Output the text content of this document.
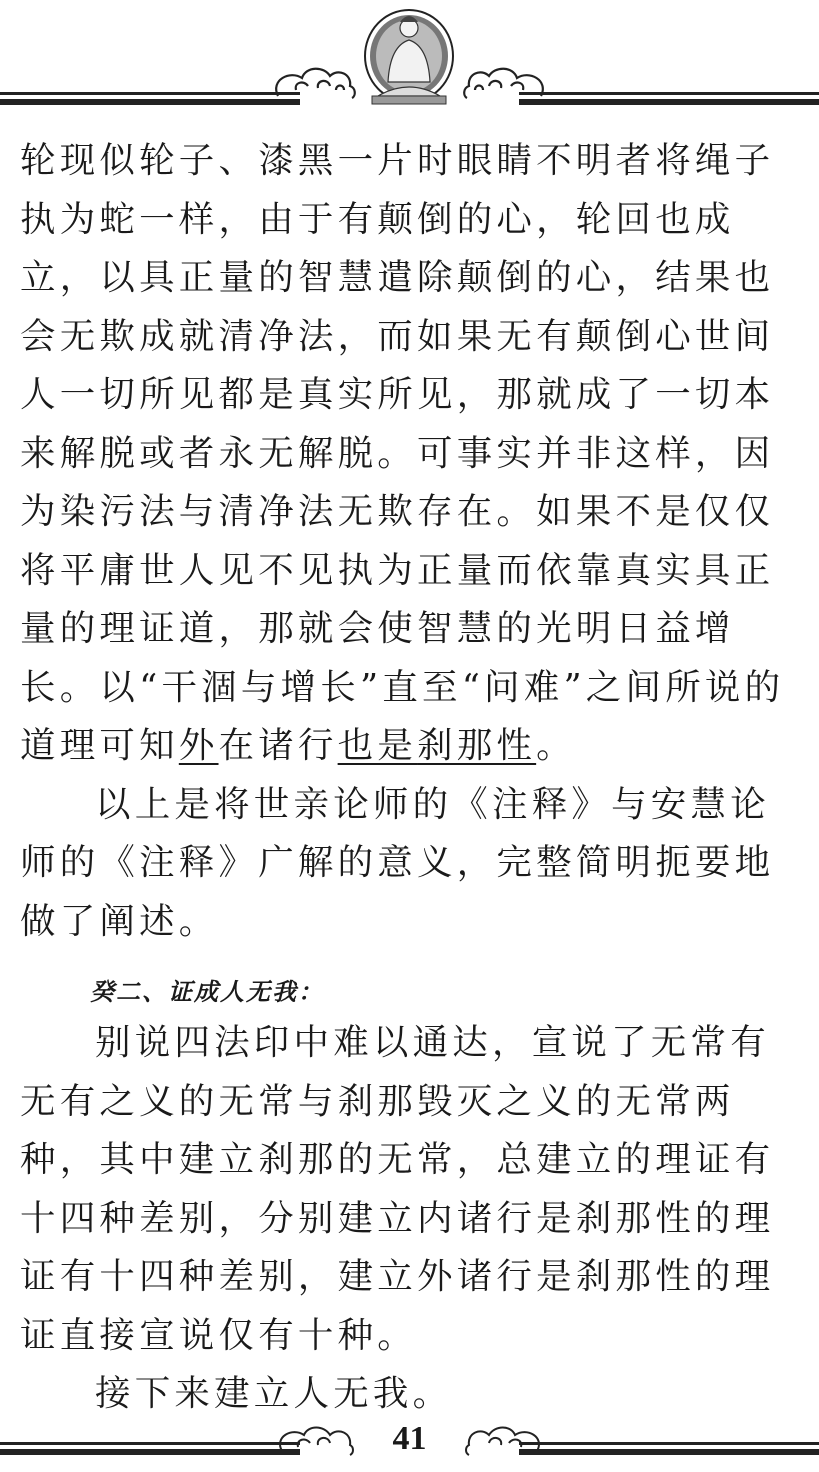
轮现似轮子、漆黑一片时眼睛不明者将绳子执为蛇一样，由于有颠倒的心，轮回也成立，以具正量的智慧遣除颠倒的心，结果也会无欺成就清净法，而如果无有颠倒心世间人一切所见都是真实所见，那就成了一切本来解脱或者永无解脱。可事实并非这样，因为染污法与清净法无欺存在。如果不是仅仅将平庸世人见不见执为正量而依靠真实具正量的理证道，那就会使智慧的光明日益增长。以“干涸与增长”直至“问难”之间所说的道理可知外在诸行也是刹那性。

以上是将世亲论师的《注释》与安慧论师的《注释》广解的意义，完整简明扼要地做了阐述。

癸二、证成人无我：

别说四法印中难以通达，宣说了无常有无有之义的无常与刹那毁灭之义的无常两种，其中建立刹那的无常，总建立的理证有十四种差别，分别建立内诸行是刹那性的理证有十四种差别，建立外诸行是刹那性的理证直接宣说仅有十种。

接下来建立人无我。

41
